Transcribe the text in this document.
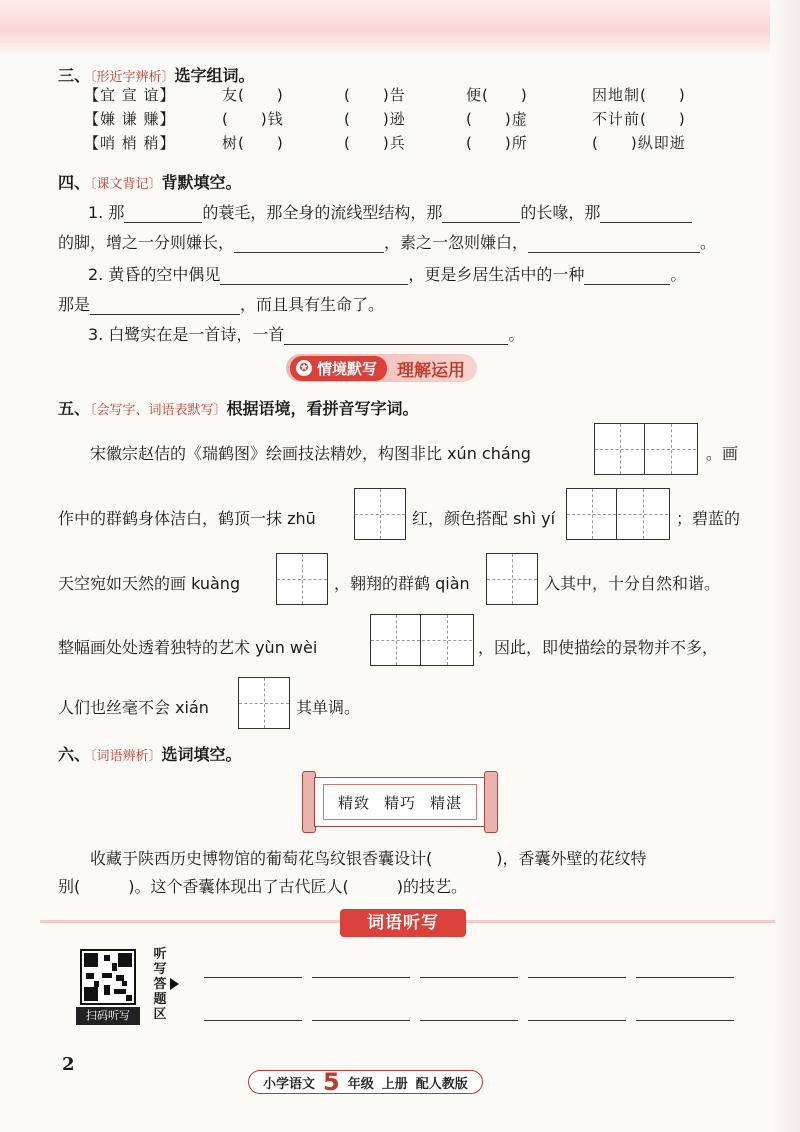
三、〔形近字辨析〕选字组词。
【宜 宣 谊】	友(　　)	(　　)告	便(　　)	因地制(　　)
【嫌 谦 赚】	(　　)钱	(　　)逊	(　　)虚	不计前(　　)
【哨 梢 稍】	树(　　)	(　　)兵	(　　)所	(　　)纵即逝
四、〔课文背记〕背默填空。
1. 那	的蓑毛，那全身的流线型结构，那	的长喙，那
的脚，增之一分则嫌长，	，素之一忽则嫌白，	。
2. 黄昏的空中偶见	，更是乡居生活中的一种	。
那是	，而且具有生命了。
3. 白鹭实在是一首诗，一首	。
✪ 情境默写 理解运用
五、〔会写字、词语表默写〕根据语境，看拼音写字词。
宋徽宗赵佶的《瑞鹤图》绘画技法精妙，构图非比 xún cháng	。画
作中的群鹤身体洁白，鹤顶一抹 zhū	红，颜色搭配 shì yí	；碧蓝的
天空宛如天然的画 kuàng	，翱翔的群鹤 qiàn	入其中，十分自然和谐。
整幅画处处透着独特的艺术 yùn wèi	，因此，即使描绘的景物并不多，
人们也丝毫不会 xián	其单调。
六、〔词语辨析〕选词填空。
精致 精巧 精湛
收藏于陕西历史博物馆的葡萄花鸟纹银香囊设计(　　　　)，香囊外壁的花纹特
别(　　　)。这个香囊体现出了古代匠人(　　　)的技艺。
词语听写
扫码听写
听写答题区
2
小学语文 5 年级 上册 配人教版
